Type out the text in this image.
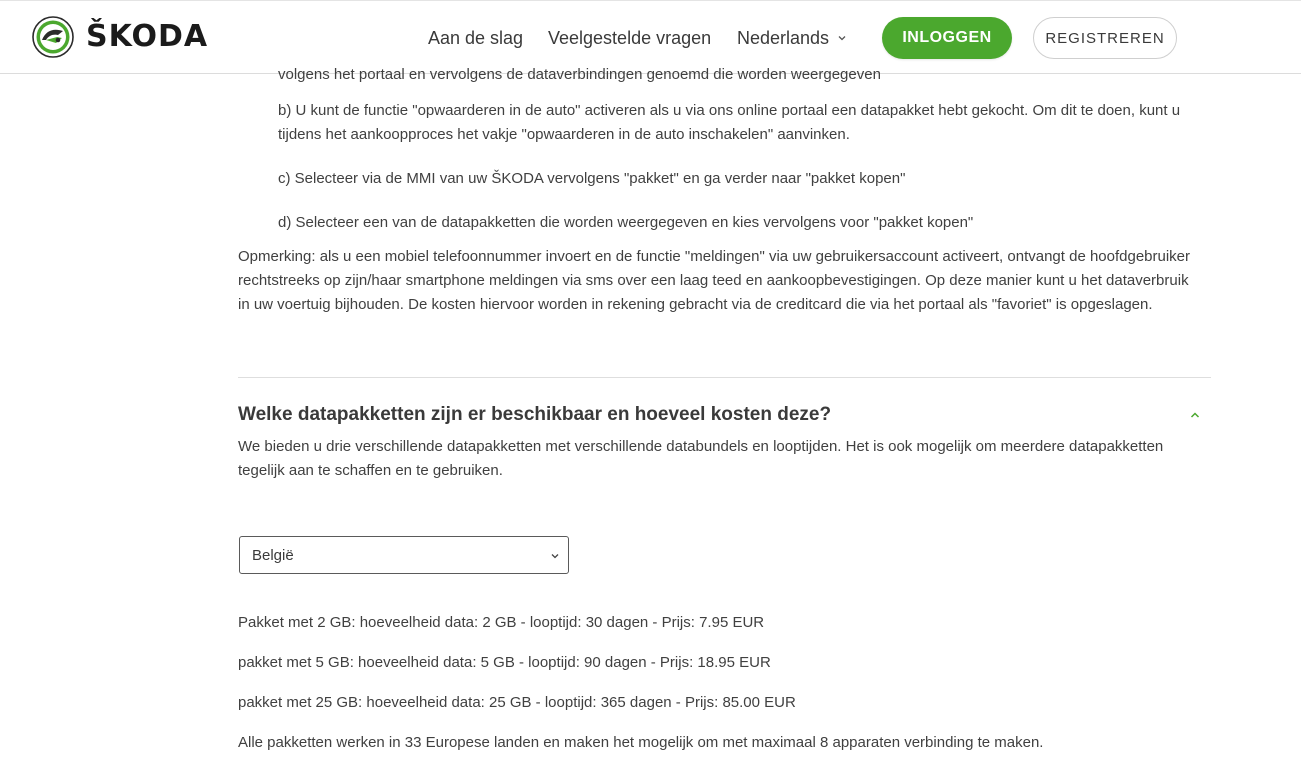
ŠKODA	Aan de slag Veelgestelde vragen Nederlands	INLOGGEN	REGISTREREN
volgens het portaal en vervolgens de dataverbindingen genoemd die worden weergegeven

b) U kunt de functie "opwaarderen in de auto" activeren als u via ons online portaal een datapakket hebt gekocht. Om dit te doen, kunt u tijdens het aankoopproces het vakje "opwaarderen in de auto inschakelen" aanvinken.

c) Selecteer via de MMI van uw ŠKODA vervolgens "pakket" en ga verder naar "pakket kopen"

d) Selecteer een van de datapakketten die worden weergegeven en kies vervolgens voor "pakket kopen"

Opmerking: als u een mobiel telefoonnummer invoert en de functie "meldingen" via uw gebruikersaccount activeert, ontvangt de hoofdgebruiker rechtstreeks op zijn/haar smartphone meldingen via sms over een laag teed en aankoopbevestigingen. Op deze manier kunt u het dataverbruik in uw voertuig bijhouden. De kosten hiervoor worden in rekening gebracht via de creditcard die via het portaal als "favoriet" is opgeslagen.

Welke datapakketten zijn er beschikbaar en hoeveel kosten deze?

We bieden u drie verschillende datapakketten met verschillende databundels en looptijden. Het is ook mogelijk om meerdere datapakketten tegelijk aan te schaffen en te gebruiken.

België

Pakket met 2 GB: hoeveelheid data: 2 GB - looptijd: 30 dagen - Prijs: 7.95 EUR

pakket met 5 GB: hoeveelheid data: 5 GB - looptijd: 90 dagen - Prijs: 18.95 EUR

pakket met 25 GB: hoeveelheid data: 25 GB - looptijd: 365 dagen - Prijs: 85.00 EUR

Alle pakketten werken in 33 Europese landen en maken het mogelijk om met maximaal 8 apparaten verbinding te maken.
